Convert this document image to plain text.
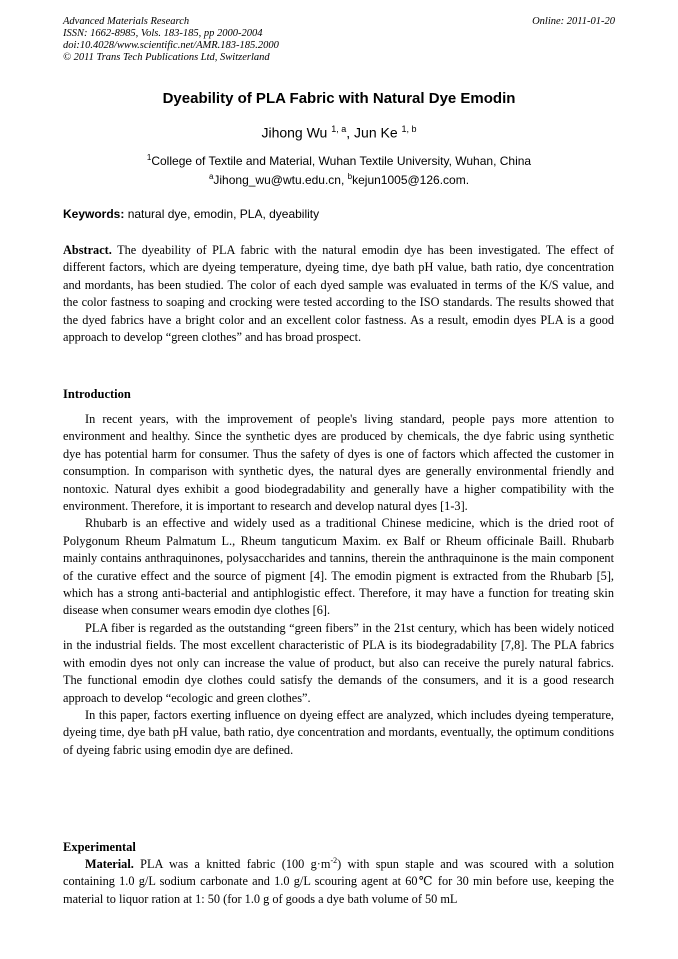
Advanced Materials Research
ISSN: 1662-8985, Vols. 183-185, pp 2000-2004
doi:10.4028/www.scientific.net/AMR.183-185.2000
© 2011 Trans Tech Publications Ltd, Switzerland
Online: 2011-01-20
Dyeability of PLA Fabric with Natural Dye Emodin
Jihong Wu $^{1, a}$, Jun Ke $^{1, b}$
$^1$College of Textile and Material, Wuhan Textile University, Wuhan, China
$^a$Jihong_wu@wtu.edu.cn, $^b$kejun1005@126.com.
Keywords: natural dye, emodin, PLA, dyeability

Abstract. The dyeability of PLA fabric with the natural emodin dye has been investigated. The effect of different factors, which are dyeing temperature, dyeing time, dye bath pH value, bath ratio, dye concentration and mordants, has been studied. The color of each dyed sample was evaluated in terms of the K/S value, and the color fastness to soaping and crocking were tested according to the ISO standards. The results showed that the dyed fabrics have a bright color and an excellent color fastness. As a result, emodin dyes PLA is a good approach to develop “green clothes” and has broad prospect.

Introduction

In recent years, with the improvement of people's living standard, people pays more attention to environment and healthy. Since the synthetic dyes are produced by chemicals, the dye fabric using synthetic dye has potential harm for consumer. Thus the safety of dyes is one of factors which affected the customer in consumption. In comparison with synthetic dyes, the natural dyes are generally environmental friendly and nontoxic. Natural dyes exhibit a good biodegradability and generally have a higher compatibility with the environment. Therefore, it is important to research and develop natural dyes [1-3].

Rhubarb is an effective and widely used as a traditional Chinese medicine, which is the dried root of Polygonum Rheum Palmatum L., Rheum tanguticum Maxim. ex Balf or Rheum officinale Baill. Rhubarb mainly contains anthraquinones, polysaccharides and tannins, therein the anthraquinone is the main component of the curative effect and the source of pigment [4]. The emodin pigment is extracted from the Rhubarb [5], which has a strong anti-bacterial and antiphlogistic effect. Therefore, it may have a function for treating skin disease when consumer wears emodin dye clothes [6].

PLA fiber is regarded as the outstanding “green fibers” in the 21st century, which has been widely noticed in the industrial fields. The most excellent characteristic of PLA is its biodegradability [7,8]. The PLA fabrics with emodin dyes not only can increase the value of product, but also can receive the purely natural fabrics. The functional emodin dye clothes could satisfy the demands of the consumers, and it is a good research approach to develop “ecologic and green clothes”.

In this paper, factors exerting influence on dyeing effect are analyzed, which includes dyeing temperature, dyeing time, dye bath pH value, bath ratio, dye concentration and mordants, eventually, the optimum conditions of dyeing fabric using emodin dye are defined.

Experimental

Material. PLA was a knitted fabric (100 $g\cdot m^{-2}$) with spun staple and was scoured with a solution containing 1.0 g/L sodium carbonate and 1.0 g/L scouring agent at 60℃ for 30 min before use, keeping the material to liquor ration at 1: 50 (for 1.0 g of goods a dye bath volume of 50 mL
